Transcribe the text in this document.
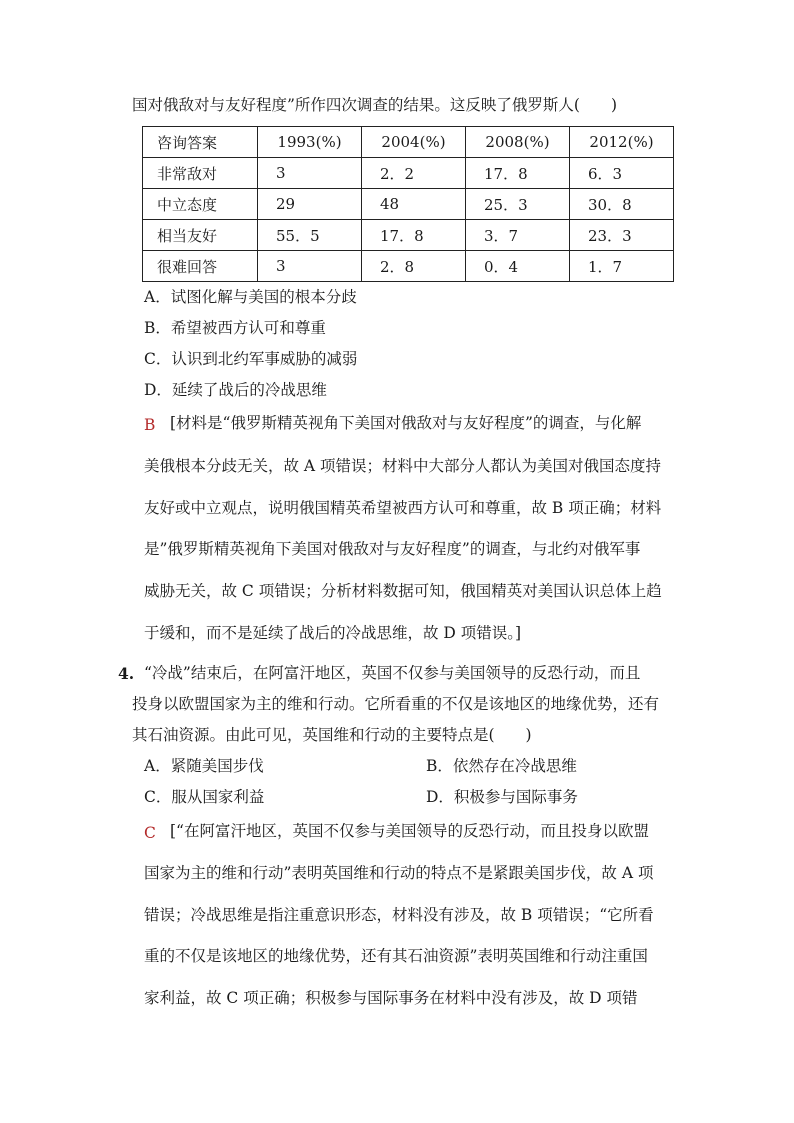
国对俄敌对与友好程度”所作四次调查的结果。这反映了俄罗斯人(　　)
咨询答案	1993(%)	2004(%)	2008(%)	2012(%)
非常敌对	3	2．2	17．8	6．3
中立态度	29	48	25．3	30．8
相当友好	55．5	17．8	3．7	23．3
很难回答	3	2．8	0．4	1．7
A．试图化解与美国的根本分歧
B．希望被西方认可和尊重
C．认识到北约军事威胁的减弱
D．延续了战后的冷战思维
B [材料是“俄罗斯精英视角下美国对俄敌对与友好程度”的调查，与化解
美俄根本分歧无关，故 A 项错误；材料中大部分人都认为美国对俄国态度持
友好或中立观点，说明俄国精英希望被西方认可和尊重，故 B 项正确；材料
是”俄罗斯精英视角下美国对俄敌对与友好程度”的调查，与北约对俄军事
威胁无关，故 C 项错误；分析材料数据可知，俄国精英对美国认识总体上趋
于缓和，而不是延续了战后的冷战思维，故 D 项错误。]
4. “冷战”结束后，在阿富汗地区，英国不仅参与美国领导的反恐行动，而且
投身以欧盟国家为主的维和行动。它所看重的不仅是该地区的地缘优势，还有
其石油资源。由此可见，英国维和行动的主要特点是(　　)
A．紧随美国步伐	B．依然存在冷战思维
C．服从国家利益	D．积极参与国际事务
C [“在阿富汗地区，英国不仅参与美国领导的反恐行动，而且投身以欧盟
国家为主的维和行动”表明英国维和行动的特点不是紧跟美国步伐，故 A 项
错误；冷战思维是指注重意识形态，材料没有涉及，故 B 项错误；“它所看
重的不仅是该地区的地缘优势，还有其石油资源”表明英国维和行动注重国
家利益，故 C 项正确；积极参与国际事务在材料中没有涉及，故 D 项错
